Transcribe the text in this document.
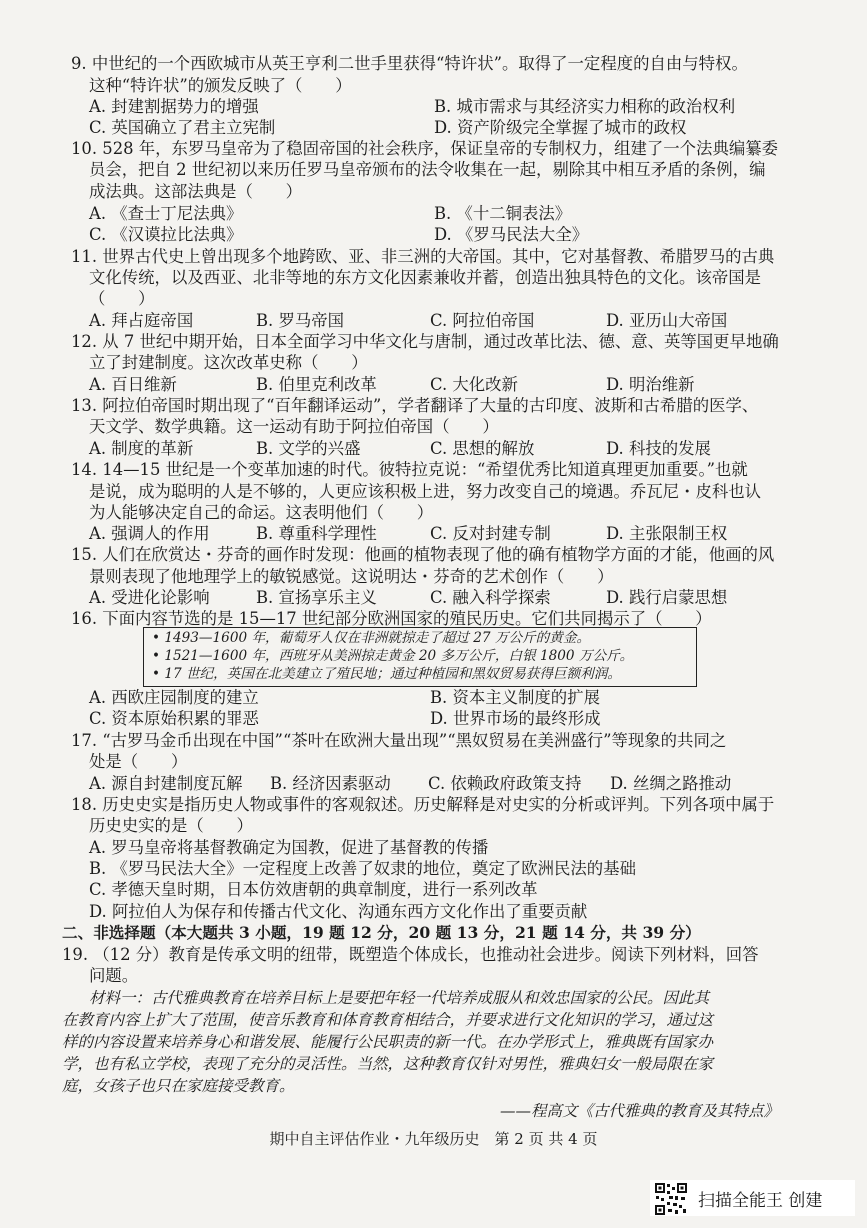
9. 中世纪的一个西欧城市从英王亨利二世手里获得“特许状”。取得了一定程度的自由与特权。
这种“特许状”的颁发反映了（　　）
A. 封建割据势力的增强	B. 城市需求与其经济实力相称的政治权利
C. 英国确立了君主立宪制	D. 资产阶级完全掌握了城市的政权
10. 528 年，东罗马皇帝为了稳固帝国的社会秩序，保证皇帝的专制权力，组建了一个法典编纂委
员会，把自 2 世纪初以来历任罗马皇帝颁布的法令收集在一起，剔除其中相互矛盾的条例，编
成法典。这部法典是（　　）
A. 《查士丁尼法典》	B. 《十二铜表法》
C. 《汉谟拉比法典》	D. 《罗马民法大全》
11. 世界古代史上曾出现多个地跨欧、亚、非三洲的大帝国。其中，它对基督教、希腊罗马的古典
文化传统，以及西亚、北非等地的东方文化因素兼收并蓄，创造出独具特色的文化。该帝国是
（　　）
A. 拜占庭帝国	B. 罗马帝国	C. 阿拉伯帝国	D. 亚历山大帝国
12. 从 7 世纪中期开始，日本全面学习中华文化与唐制，通过改革比法、德、意、英等国更早地确
立了封建制度。这次改革史称（　　）
A. 百日维新	B. 伯里克利改革	C. 大化改新	D. 明治维新
13. 阿拉伯帝国时期出现了“百年翻译运动”，学者翻译了大量的古印度、波斯和古希腊的医学、
天文学、数学典籍。这一运动有助于阿拉伯帝国（　　）
A. 制度的革新	B. 文学的兴盛	C. 思想的解放	D. 科技的发展
14. 14—15 世纪是一个变革加速的时代。彼特拉克说：“希望优秀比知道真理更加重要。”也就
是说，成为聪明的人是不够的，人更应该积极上进，努力改变自己的境遇。乔瓦尼・皮科也认
为人能够决定自己的命运。这表明他们（　　）
A. 强调人的作用	B. 尊重科学理性	C. 反对封建专制	D. 主张限制王权
15. 人们在欣赏达・芬奇的画作时发现：他画的植物表现了他的确有植物学方面的才能，他画的风
景则表现了他地理学上的敏锐感觉。这说明达・芬奇的艺术创作（　　）
A. 受进化论影响	B. 宣扬享乐主义	C. 融入科学探索	D. 践行启蒙思想
16. 下面内容节选的是 15—17 世纪部分欧洲国家的殖民历史。它们共同揭示了（　　）
• 1493—1600 年，葡萄牙人仅在非洲就掠走了超过 27 万公斤的黄金。
• 1521—1600 年，西班牙从美洲掠走黄金 20 多万公斤，白银 1800 万公斤。
• 17 世纪，英国在北美建立了殖民地；通过种植园和黑奴贸易获得巨额利润。
A. 西欧庄园制度的建立	B. 资本主义制度的扩展
C. 资本原始积累的罪恶	D. 世界市场的最终形成
17. “古罗马金币出现在中国”“茶叶在欧洲大量出现”“黑奴贸易在美洲盛行”等现象的共同之
处是（　　）
A. 源自封建制度瓦解 B. 经济因素驱动 C. 依赖政府政策支持 D. 丝绸之路推动
18. 历史史实是指历史人物或事件的客观叙述。历史解释是对史实的分析或评判。下列各项中属于
历史史实的是（　　）
A. 罗马皇帝将基督教确定为国教，促进了基督教的传播
B. 《罗马民法大全》一定程度上改善了奴隶的地位，奠定了欧洲民法的基础
C. 孝德天皇时期，日本仿效唐朝的典章制度，进行一系列改革
D. 阿拉伯人为保存和传播古代文化、沟通东西方文化作出了重要贡献
二、非选择题（本大题共 3 小题，19 题 12 分，20 题 13 分，21 题 14 分，共 39 分）
19. （12 分）教育是传承文明的纽带，既塑造个体成长，也推动社会进步。阅读下列材料，回答
问题。
材料一：古代雅典教育在培养目标上是要把年轻一代培养成服从和效忠国家的公民。因此其
在教育内容上扩大了范围，使音乐教育和体育教育相结合，并要求进行文化知识的学习，通过这
样的内容设置来培养身心和谐发展、能履行公民职责的新一代。在办学形式上，雅典既有国家办
学，也有私立学校，表现了充分的灵活性。当然，这种教育仅针对男性，雅典妇女一般局限在家
庭，女孩子也只在家庭接受教育。
——程高文《古代雅典的教育及其特点》
期中自主评估作业・九年级历史　第 2 页 共 4 页
扫描全能王 创建
